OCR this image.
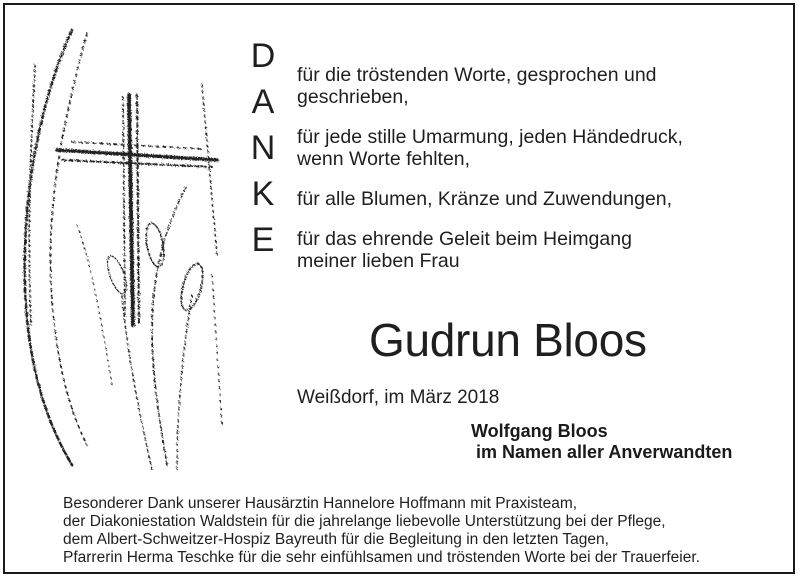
D
A
N
K
E

für die tröstenden Worte, gesprochen und
geschrieben,

für jede stille Umarmung, jeden Händedruck,
wenn Worte fehlten,

für alle Blumen, Kränze und Zuwendungen,

für das ehrende Geleit beim Heimgang
meiner lieben Frau

Gudrun Bloos
Weißdorf, im März 2018
Wolfgang Bloos
im Namen aller Anverwandten
Besonderer Dank unserer Hausärztin Hannelore Hoffmann mit Praxisteam,
der Diakoniestation Waldstein für die jahrelange liebevolle Unterstützung bei der Pflege,
dem Albert-Schweitzer-Hospiz Bayreuth für die Begleitung in den letzten Tagen,
Pfarrerin Herma Teschke für die sehr einfühlsamen und tröstenden Worte bei der Trauerfeier.
